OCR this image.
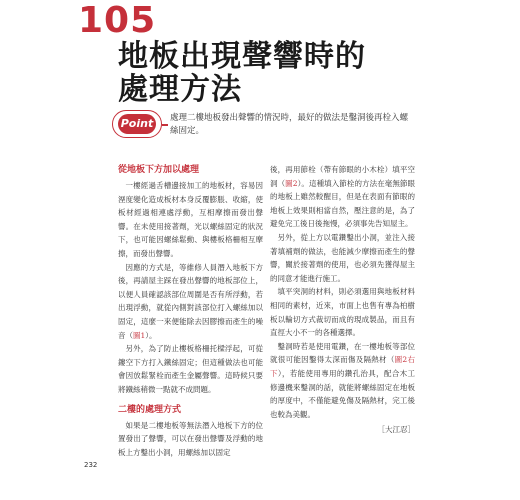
105
地板出現聲響時的
處理方法
Point	處理二樓地板發出聲響的情況時，最好的做法是鑿洞後再栓入螺絲固定。
從地板下方加以處理

一樓經過舌槽邊接加工的地板材，容易因溼度變化造成板材本身反覆膨脹、收縮，使板材經過相連處浮動，互相摩擦而發出聲響。在未使用接著劑，光以螺絲固定的狀況下，也可能因螺絲鬆動、與樓板格柵相互摩擦，而發出聲響。

因應的方式是，等維修人員潛入地板下方後，再請屋主踩在發出聲響的地板部位上，以便人員確認該部位周圍是否有所浮動，若出現浮動，就從內側對該部位打入螺絲加以固定，這麼一來便能除去因膠擦而產生的噪音（圖1）。

另外，為了防止樓板格柵托樑浮起，可從鏤空下方打入鐵絲固定；但這種做法也可能會因放鬆緊栓而產生金屬聲響。這時候只要將鐵絲稍微一點就不成問題。

二樓的處理方式

如果是二樓地板等無法潛入地板下方的位置發出了聲響，可以在發出聲響及浮動的地板上方鑿出小洞，用螺絲加以固定

後，再用節栓（帶有節眼的小木栓）填平空洞（圖2）。這種填入節栓的方法在毫無節眼的地板上雖然較醒目，但是在表面有節眼的地板上效果則相當自然，壓注意的是，為了避免完工後日後拖慢，必須事先告知屋主。

另外，從上方以電鑽鑿出小洞，並注入接著填補劑的做法，也能減少摩擦而產生的聲響，關於接著劑的使用，也必須先獲得屋主的同意才能進行施工。

填平突洞的材料，則必須選用與地板材料相同的素材，近來，市面上也售有專為柏樹板以輪切方式裁切而成的現成製品，而且有直徑大小不一的各種選擇。

鑿洞時若是使用電鑽，在一樓地板等部位就很可能因鑿得太深而傷及隔熱材（圖2右下），若能使用專用的鑽孔治具，配合木工修邊機來鑿洞的話，就能將螺絲固定在地板的厚度中，不僅能避免傷及隔熱材，完工後也較為美觀。

［大江忍］
232
